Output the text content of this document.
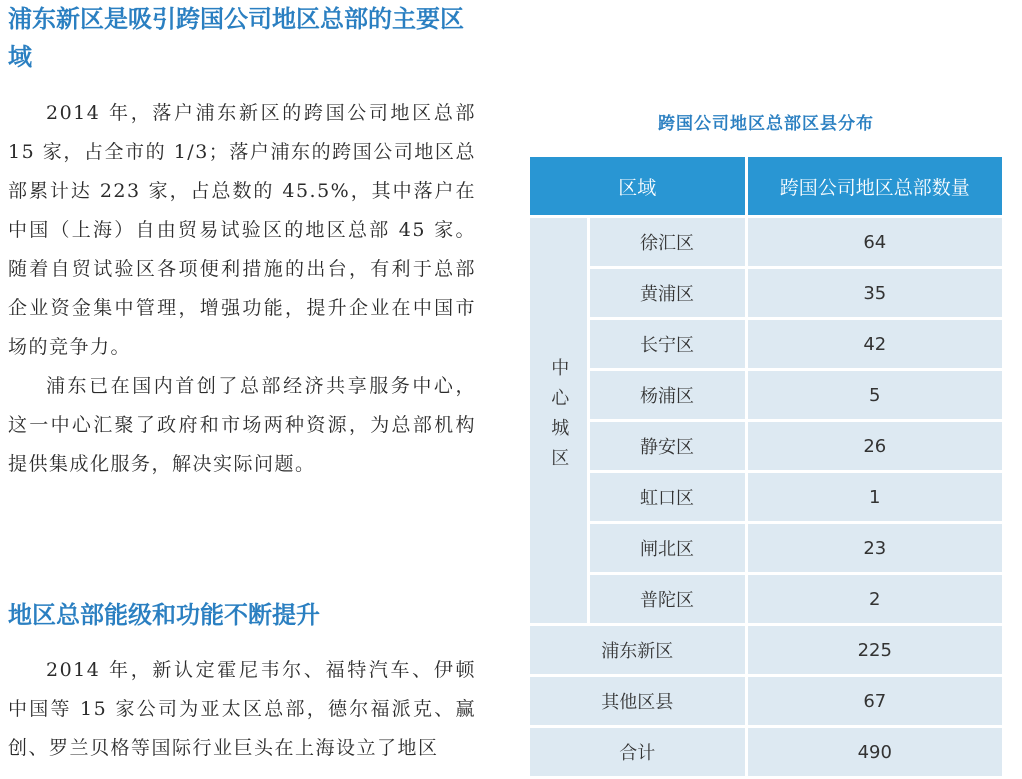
浦东新区是吸引跨国公司地区总部的主要区域

2014 年，落户浦东新区的跨国公司地区总部 15 家，占全市的 1/3；落户浦东的跨国公司地区总部累计达 223 家，占总数的 45.5%，其中落户在中国（上海）自由贸易试验区的地区总部 45 家。随着自贸试验区各项便利措施的出台，有利于总部企业资金集中管理，增强功能，提升企业在中国市场的竞争力。

浦东已在国内首创了总部经济共享服务中心，这一中心汇聚了政府和市场两种资源，为总部机构提供集成化服务，解决实际问题。

地区总部能级和功能不断提升

2014 年，新认定霍尼韦尔、福特汽车、伊顿中国等 15 家公司为亚太区总部，德尔福派克、赢创、罗兰贝格等国际行业巨头在上海设立了地区

跨国公司地区总部区县分布
区域		跨国公司地区总部数量
中心城区	徐汇区	64
	黄浦区	35
	长宁区	42
	杨浦区	5
	静安区	26
	虹口区	1
	闸北区	23
	普陀区	2
浦东新区		225
其他区县		67
合计		490
